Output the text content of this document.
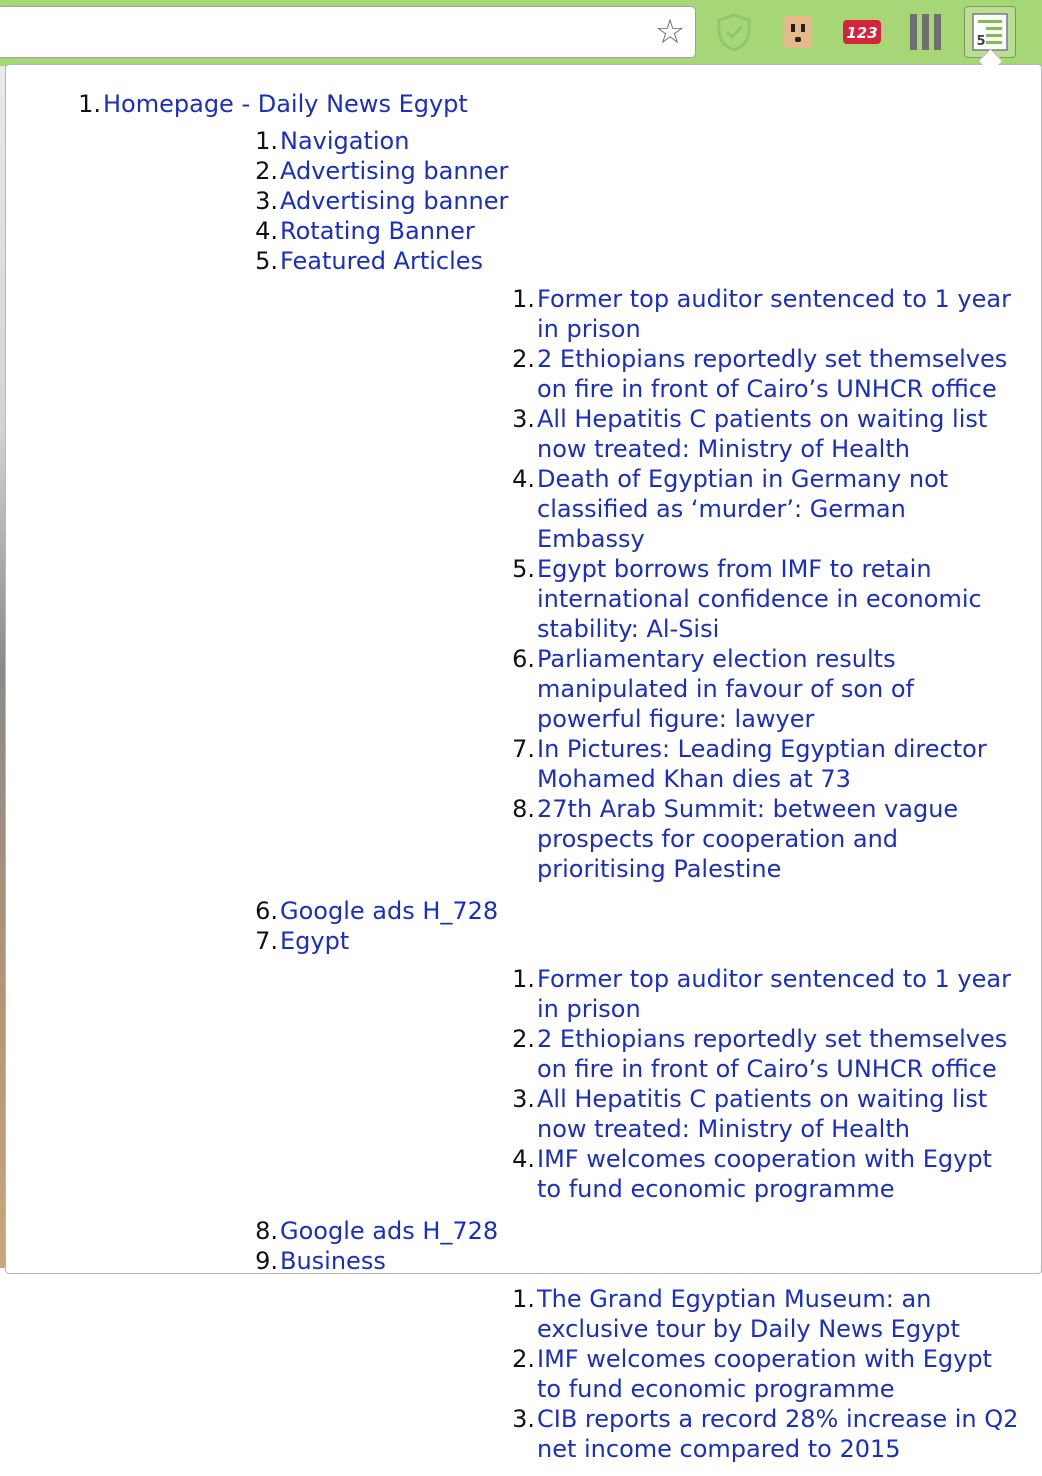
☆	123	5
1. Homepage - Daily News Egypt
1. Navigation
2. Advertising banner
3. Advertising banner
4. Rotating Banner
5. Featured Articles
1. Former top auditor sentenced to 1 year in prison
2. 2 Ethiopians reportedly set themselves on fire in front of Cairo’s UNHCR office
3. All Hepatitis C patients on waiting list now treated: Ministry of Health
4. Death of Egyptian in Germany not classified as ‘murder’: German Embassy
5. Egypt borrows from IMF to retain international confidence in economic stability: Al-Sisi
6. Parliamentary election results manipulated in favour of son of powerful figure: lawyer
7. In Pictures: Leading Egyptian director Mohamed Khan dies at 73
8. 27th Arab Summit: between vague prospects for cooperation and prioritising Palestine
6. Google ads H_728
7. Egypt
1. Former top auditor sentenced to 1 year in prison
2. 2 Ethiopians reportedly set themselves on fire in front of Cairo’s UNHCR office
3. All Hepatitis C patients on waiting list now treated: Ministry of Health
4. IMF welcomes cooperation with Egypt to fund economic programme
8. Google ads H_728
9. Business
1. The Grand Egyptian Museum: an exclusive tour by Daily News Egypt
2. IMF welcomes cooperation with Egypt to fund economic programme
3. CIB reports a record 28% increase in Q2 net income compared to 2015
